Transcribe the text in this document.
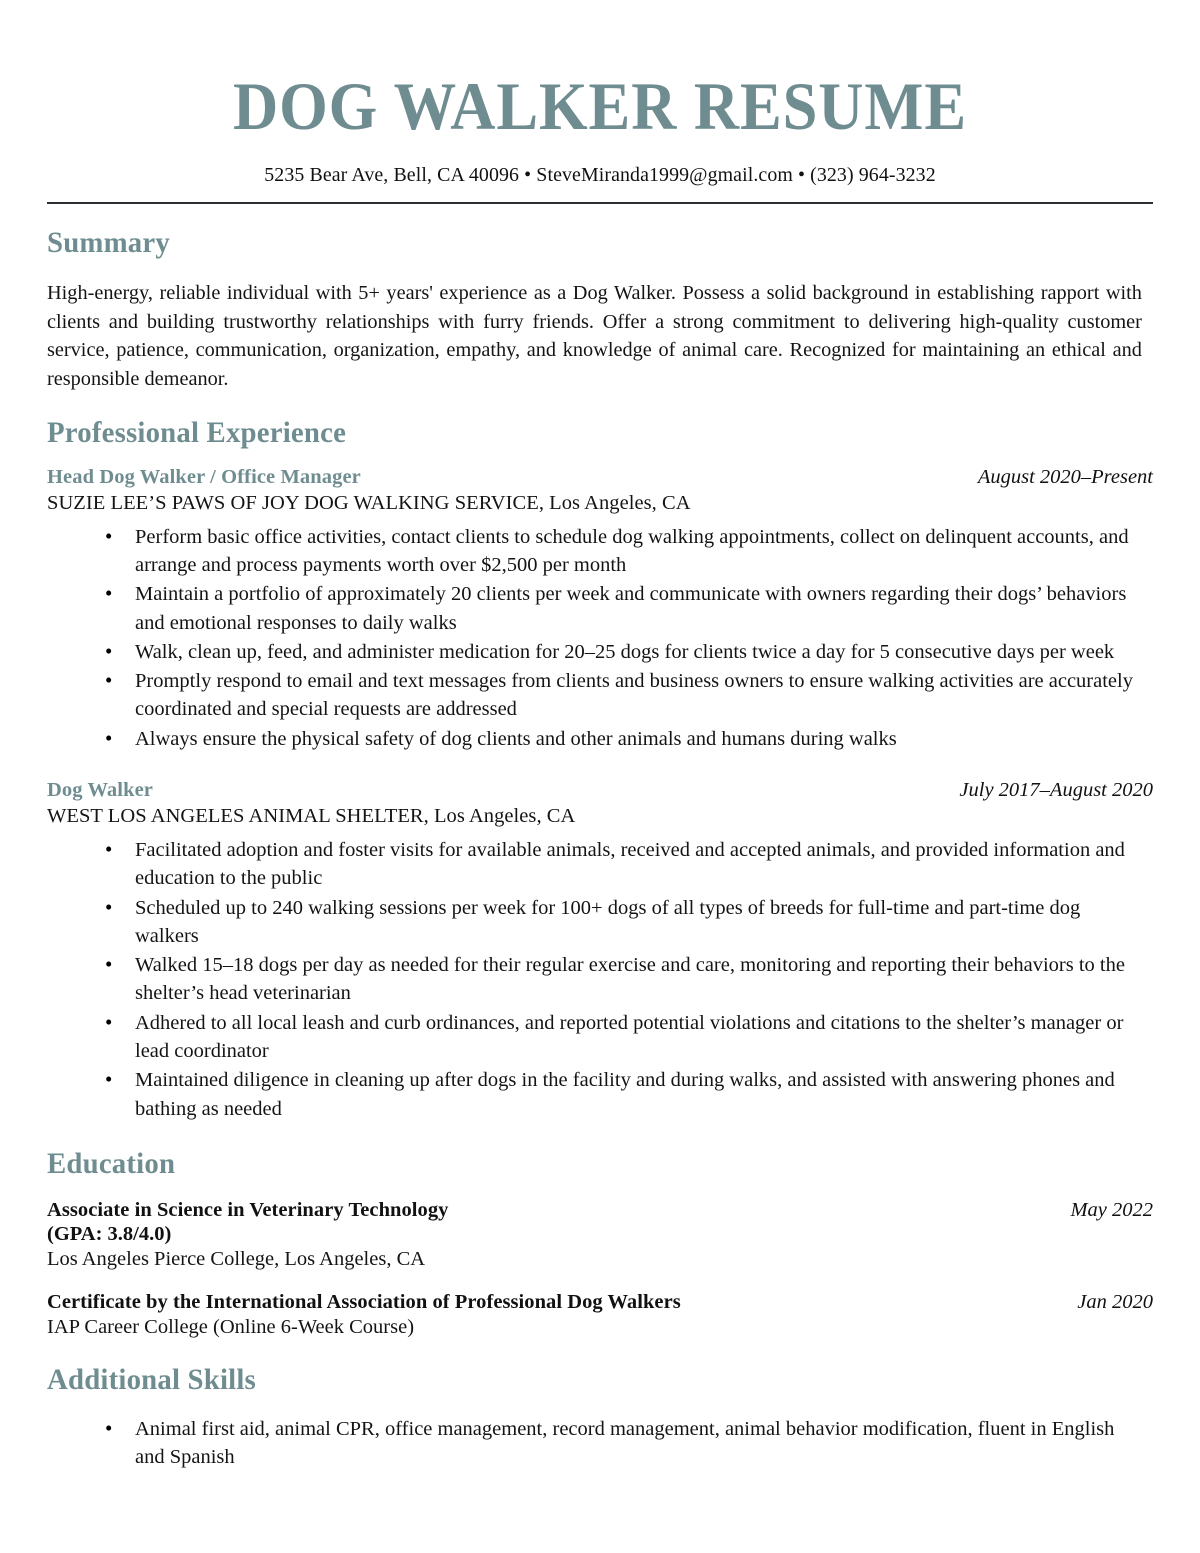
DOG WALKER RESUME
5235 Bear Ave, Bell, CA 40096 • SteveMiranda1999@gmail.com • (323) 964-3232
Summary
High-energy, reliable individual with 5+ years' experience as a Dog Walker. Possess a solid background in establishing rapport with clients and building trustworthy relationships with furry friends. Offer a strong commitment to delivering high-quality customer service, patience, communication, organization, empathy, and knowledge of animal care. Recognized for maintaining an ethical and responsible demeanor.
Professional Experience
Head Dog Walker / Office Manager	August 2020–Present
SUZIE LEE’S PAWS OF JOY DOG WALKING SERVICE, Los Angeles, CA
• Perform basic office activities, contact clients to schedule dog walking appointments, collect on delinquent accounts, and arrange and process payments worth over $2,500 per month
• Maintain a portfolio of approximately 20 clients per week and communicate with owners regarding their dogs’ behaviors and emotional responses to daily walks
• Walk, clean up, feed, and administer medication for 20–25 dogs for clients twice a day for 5 consecutive days per week
• Promptly respond to email and text messages from clients and business owners to ensure walking activities are accurately coordinated and special requests are addressed
• Always ensure the physical safety of dog clients and other animals and humans during walks
Dog Walker	July 2017–August 2020
WEST LOS ANGELES ANIMAL SHELTER, Los Angeles, CA
• Facilitated adoption and foster visits for available animals, received and accepted animals, and provided information and education to the public
• Scheduled up to 240 walking sessions per week for 100+ dogs of all types of breeds for full-time and part-time dog walkers
• Walked 15–18 dogs per day as needed for their regular exercise and care, monitoring and reporting their behaviors to the shelter’s head veterinarian
• Adhered to all local leash and curb ordinances, and reported potential violations and citations to the shelter’s manager or lead coordinator
• Maintained diligence in cleaning up after dogs in the facility and during walks, and assisted with answering phones and bathing as needed
Education
Associate in Science in Veterinary Technology	May 2022
(GPA: 3.8/4.0)
Los Angeles Pierce College, Los Angeles, CA
Certificate by the International Association of Professional Dog Walkers	Jan 2020
IAP Career College (Online 6-Week Course)
Additional Skills
• Animal first aid, animal CPR, office management, record management, animal behavior modification, fluent in English and Spanish
